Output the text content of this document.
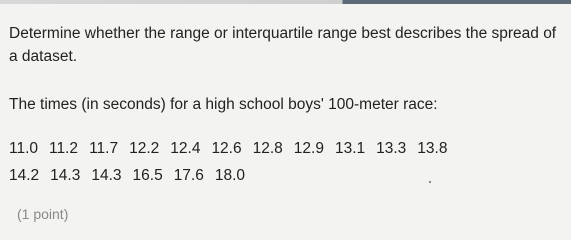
Determine whether the range or interquartile range best describes the spread of a dataset.
The times (in seconds) for a high school boys' 100-meter race:
11.0 11.2 11.7 12.2 12.4 12.6 12.8 12.9 13.1 13.3 13.8
14.2 14.3 14.3 16.5 17.6 18.0
(1 point)
